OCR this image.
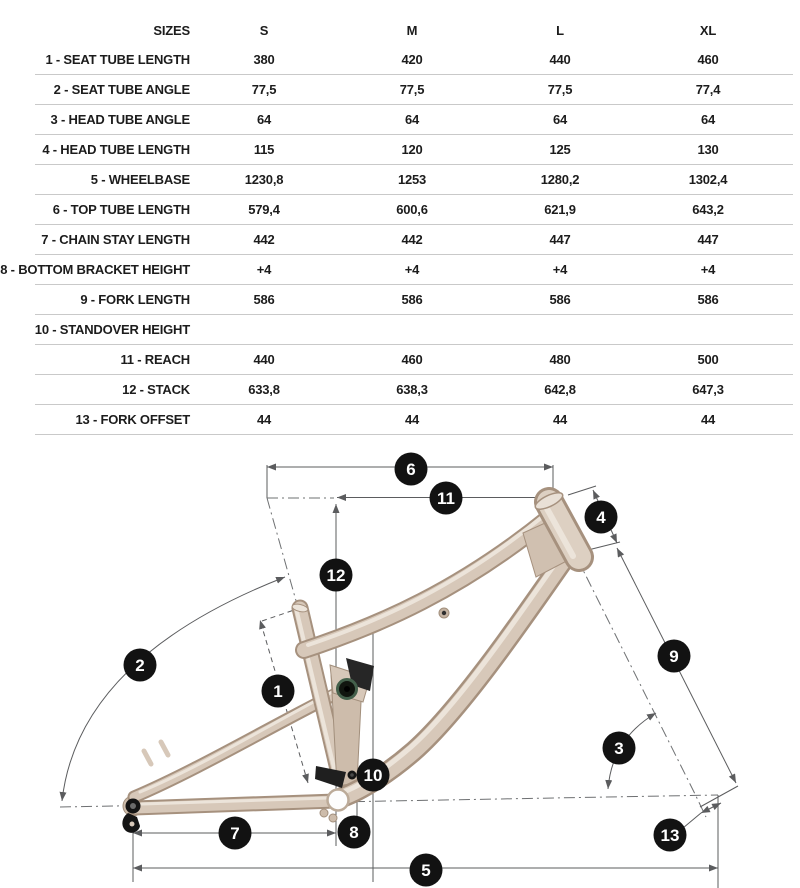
SIZES	S	M	L	XL
1 - SEAT TUBE LENGTH	380	420	440	460
2 - SEAT TUBE ANGLE	77,5	77,5	77,5	77,4
3 - HEAD TUBE ANGLE	64	64	64	64
4 - HEAD TUBE LENGTH	115	120	125	130
5 - WHEELBASE	1230,8	1253	1280,2	1302,4
6 - TOP TUBE LENGTH	579,4	600,6	621,9	643,2
7 - CHAIN STAY LENGTH	442	442	447	447
8 - BOTTOM BRACKET HEIGHT	+4	+4	+4	+4
9 - FORK LENGTH	586	586	586	586
10 - STANDOVER HEIGHT
11 - REACH	440	460	480	500
12 - STACK	633,8	638,3	642,8	647,3
13 - FORK OFFSET	44	44	44	44
1
2
3
4
5
6
7	8
9
10
11
12
13
